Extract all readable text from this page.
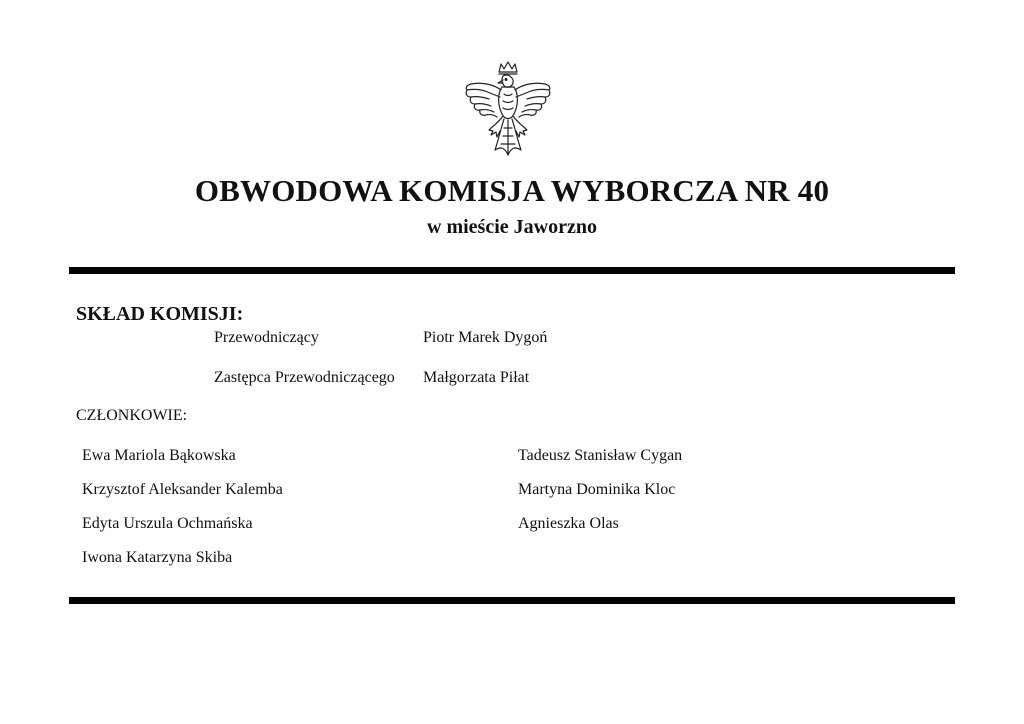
OBWODOWA KOMISJA WYBORCZA NR 40
w mieście Jaworzno
SKŁAD KOMISJI:
Przewodniczący	Piotr Marek Dygoń
Zastępca Przewodniczącego Małgorzata Piłat
CZŁONKOWIE:
Ewa Mariola Bąkowska	Tadeusz Stanisław Cygan
Krzysztof Aleksander Kalemba	Martyna Dominika Kloc
Edyta Urszula Ochmańska	Agnieszka Olas
Iwona Katarzyna Skiba
